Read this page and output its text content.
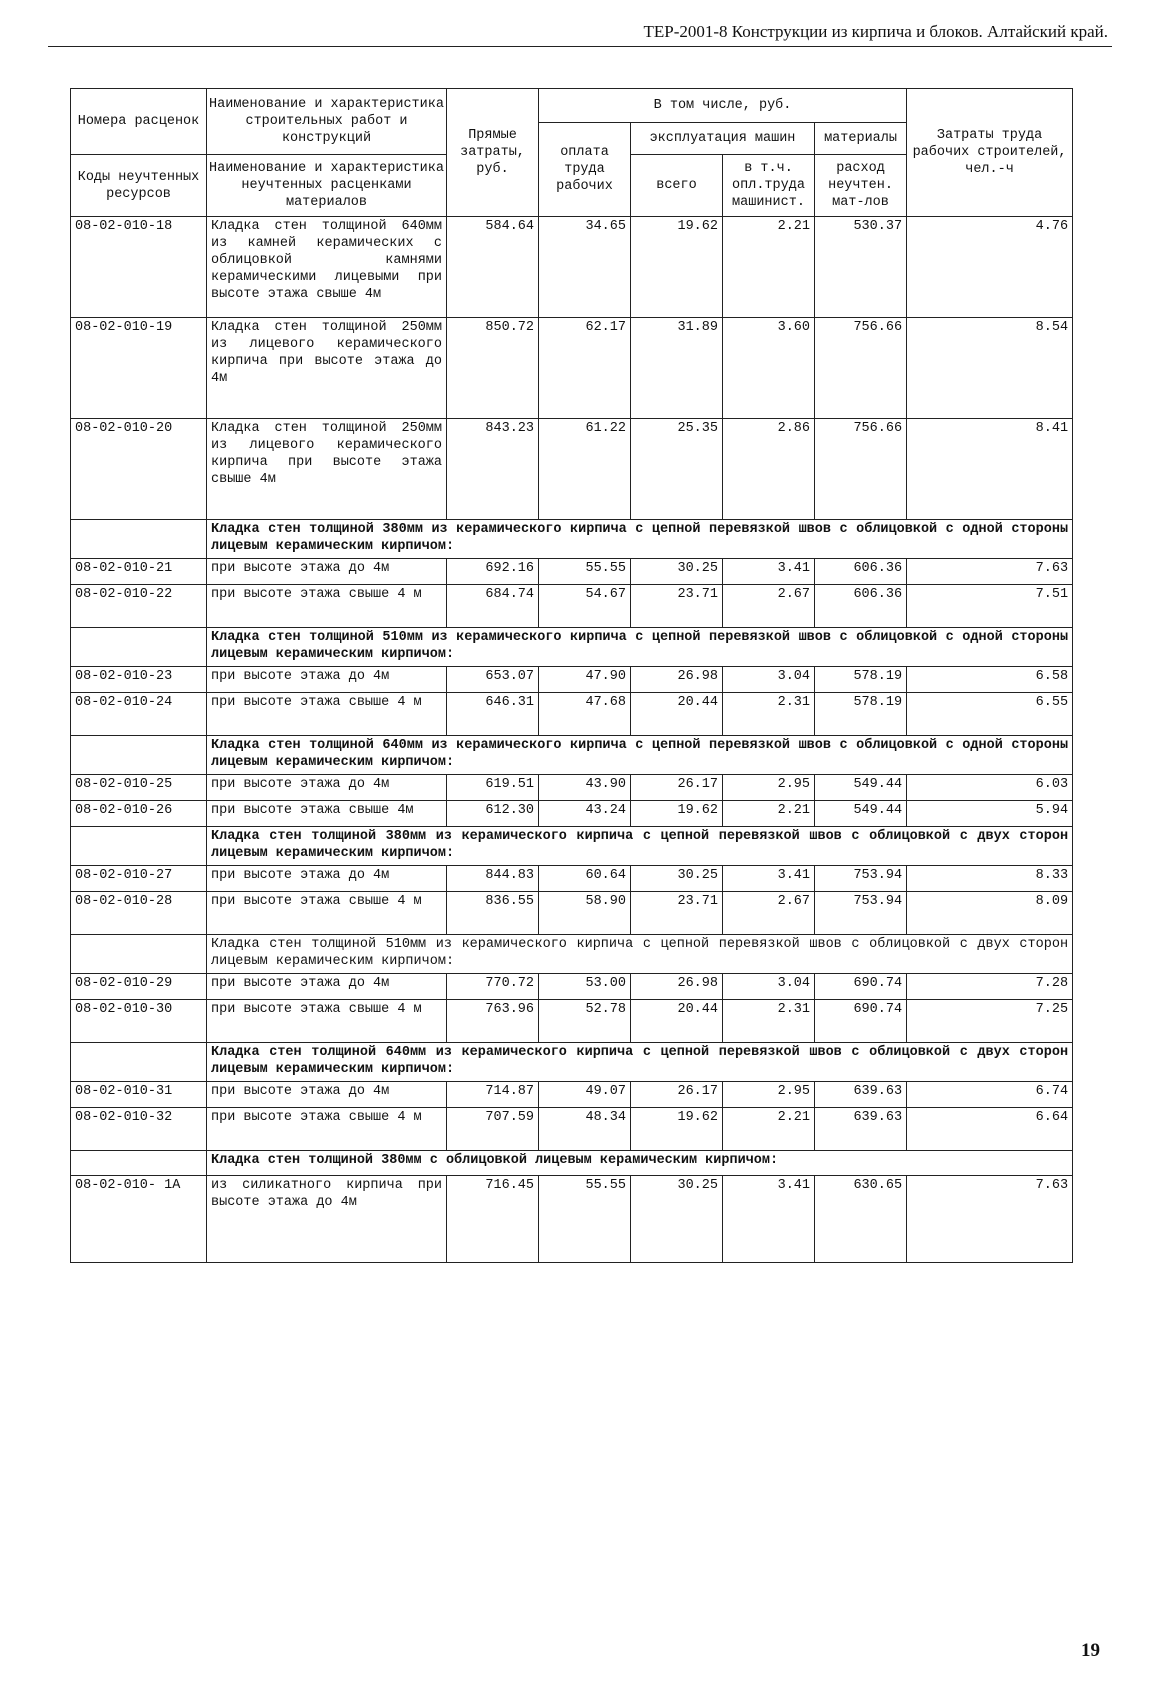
ТЕР-2001-8 Конструкции из кирпича и блоков. Алтайский край.
Номера расценок	Наименование и характеристика строительных работ и конструкций	Прямые затраты, руб.	В том числе, руб.				Затраты труда рабочих строителей, чел.-ч
			оплата труда рабочих	эксплуатация машин		материалы	
Коды неучтенных ресурсов	Наименование и характеристика неучтенных расценками материалов			всего	в т.ч. опл.труда машинист.	расход неучтен. мат-лов	
08-02-010-18	Кладка стен толщиной 640мм из камней керамических с облицовкой камнями керамическими лицевыми при высоте этажа свыше 4м	584.64	34.65	19.62	2.21	530.37	4.76
08-02-010-19	Кладка стен толщиной 250мм из лицевого керамического кирпича при высоте этажа до 4м	850.72	62.17	31.89	3.60	756.66	8.54
08-02-010-20	Кладка стен толщиной 250мм из лицевого керамического кирпича при высоте этажа свыше 4м	843.23	61.22	25.35	2.86	756.66	8.41
	Кладка стен толщиной 380мм из керамического кирпича с цепной перевязкой швов с облицовкой с одной стороны лицевым керамическим кирпичом:						
08-02-010-21	при высоте этажа до 4м	692.16	55.55	30.25	3.41	606.36	7.63
08-02-010-22	при высоте этажа свыше 4 м	684.74	54.67	23.71	2.67	606.36	7.51
	Кладка стен толщиной 510мм из керамического кирпича с цепной перевязкой швов с облицовкой с одной стороны лицевым керамическим кирпичом:						
08-02-010-23	при высоте этажа до 4м	653.07	47.90	26.98	3.04	578.19	6.58
08-02-010-24	при высоте этажа свыше 4 м	646.31	47.68	20.44	2.31	578.19	6.55
	Кладка стен толщиной 640мм из керамического кирпича с цепной перевязкой швов с облицовкой с одной стороны лицевым керамическим кирпичом:						
08-02-010-25	при высоте этажа до 4м	619.51	43.90	26.17	2.95	549.44	6.03
08-02-010-26	при высоте этажа свыше 4м	612.30	43.24	19.62	2.21	549.44	5.94
	Кладка стен толщиной 380мм из керамического кирпича с цепной перевязкой швов с облицовкой с двух сторон лицевым керамическим кирпичом:						
08-02-010-27	при высоте этажа до 4м	844.83	60.64	30.25	3.41	753.94	8.33
08-02-010-28	при высоте этажа свыше 4 м	836.55	58.90	23.71	2.67	753.94	8.09
	Кладка стен толщиной 510мм из керамического кирпича с цепной перевязкой швов с облицовкой с двух сторон лицевым керамическим кирпичом:						
08-02-010-29	при высоте этажа до 4м	770.72	53.00	26.98	3.04	690.74	7.28
08-02-010-30	при высоте этажа свыше 4 м	763.96	52.78	20.44	2.31	690.74	7.25
	Кладка стен толщиной 640мм из керамического кирпича с цепной перевязкой швов с облицовкой с двух сторон лицевым керамическим кирпичом:						
08-02-010-31	при высоте этажа до 4м	714.87	49.07	26.17	2.95	639.63	6.74
08-02-010-32	при высоте этажа свыше 4 м	707.59	48.34	19.62	2.21	639.63	6.64
	Кладка стен толщиной 380мм с облицовкой лицевым керамическим кирпичом:						
08-02-010- 1А	из силикатного кирпича при высоте этажа до 4м	716.45	55.55	30.25	3.41	630.65	7.63
19
